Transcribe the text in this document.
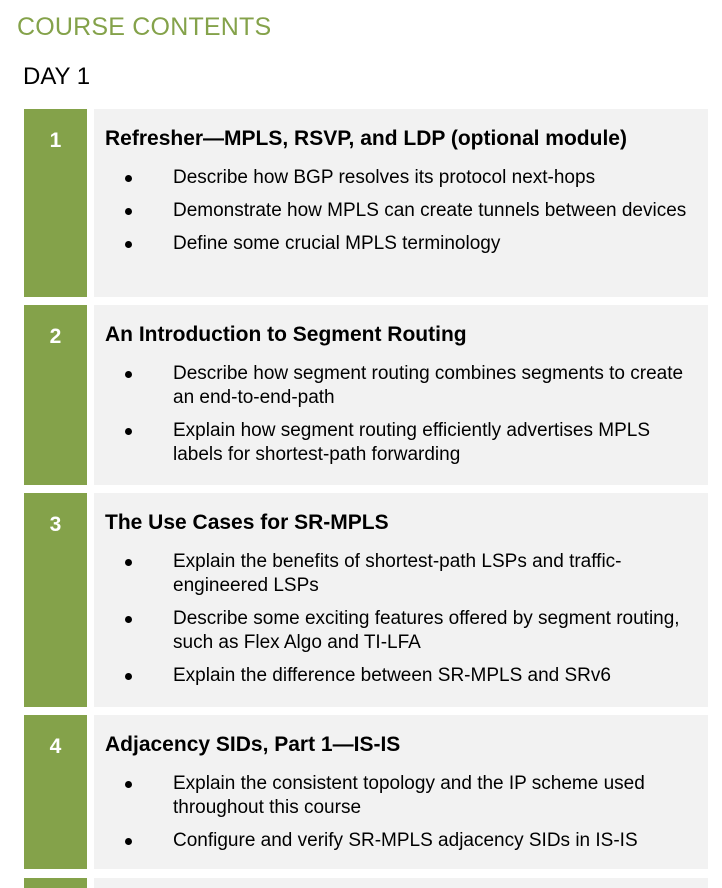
COURSE CONTENTS
DAY 1
1	Refresher—MPLS, RSVP, and LDP (optional module)
Describe how BGP resolves its protocol next-hops
Demonstrate how MPLS can create tunnels between devices
Define some crucial MPLS terminology
2	An Introduction to Segment Routing
Describe how segment routing combines segments to create an end-to-end-path
Explain how segment routing efficiently advertises MPLS labels for shortest-path forwarding
3	The Use Cases for SR-MPLS
Explain the benefits of shortest-path LSPs and traffic-engineered LSPs
Describe some exciting features offered by segment routing, such as Flex Algo and TI-LFA
Explain the difference between SR-MPLS and SRv6
4	Adjacency SIDs, Part 1—IS-IS
Explain the consistent topology and the IP scheme used throughout this course
Configure and verify SR-MPLS adjacency SIDs in IS-IS
